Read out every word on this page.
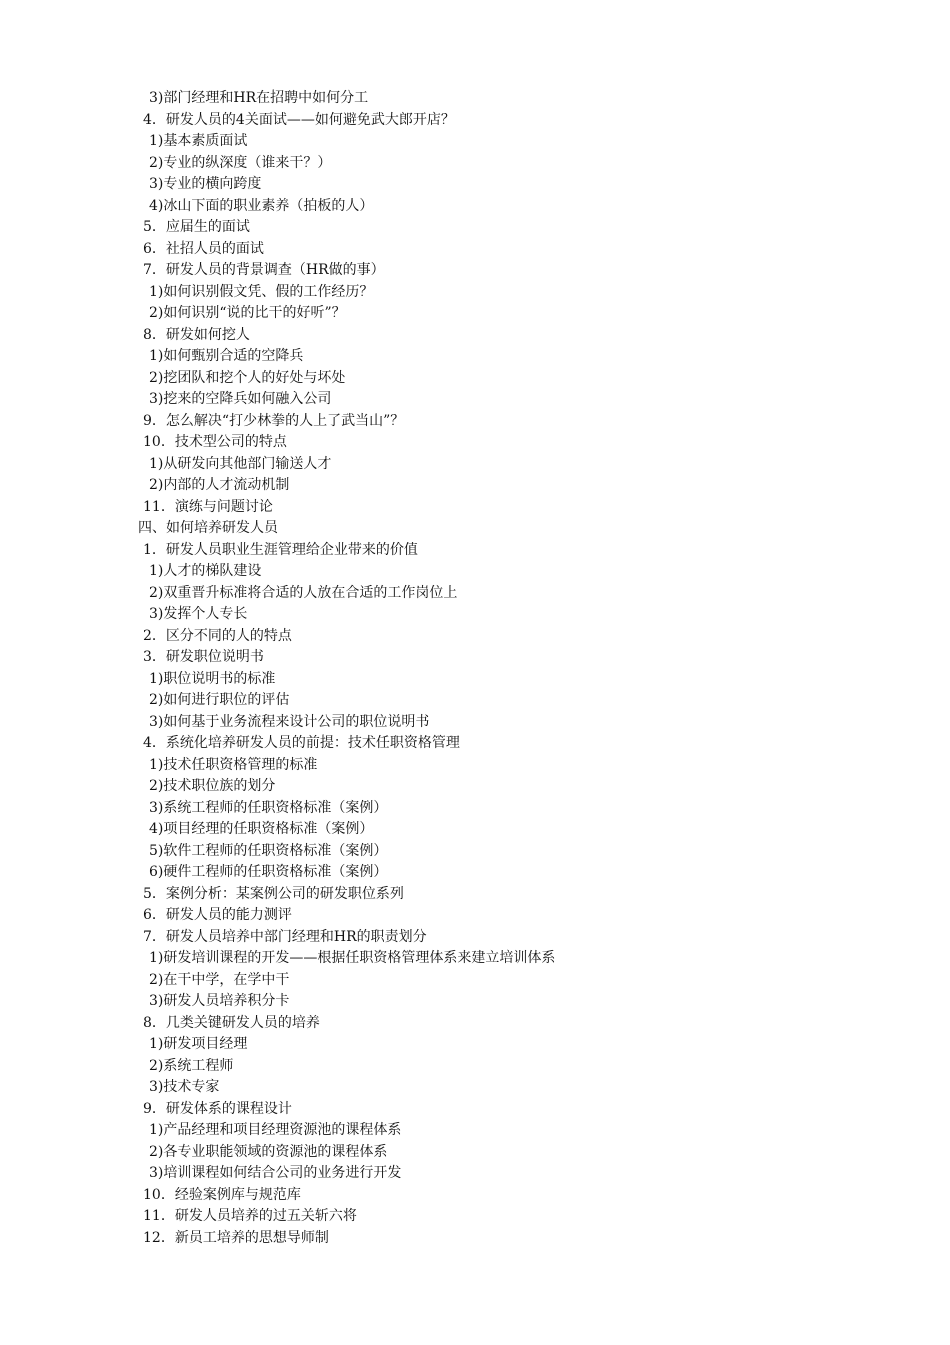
3)部门经理和HR在招聘中如何分工
4．研发人员的4关面试——如何避免武大郎开店？
1)基本素质面试
2)专业的纵深度（谁来干？）
3)专业的横向跨度
4)冰山下面的职业素养（拍板的人）
5．应届生的面试
6．社招人员的面试
7．研发人员的背景调查（HR做的事）
1)如何识别假文凭、假的工作经历？
2)如何识别“说的比干的好听”？
8．研发如何挖人
1)如何甄别合适的空降兵
2)挖团队和挖个人的好处与坏处
3)挖来的空降兵如何融入公司
9．怎么解决“打少林拳的人上了武当山”？
10．技术型公司的特点
1)从研发向其他部门输送人才
2)内部的人才流动机制
11．演练与问题讨论
四、如何培养研发人员
1．研发人员职业生涯管理给企业带来的价值
1)人才的梯队建设
2)双重晋升标准将合适的人放在合适的工作岗位上
3)发挥个人专长
2．区分不同的人的特点
3．研发职位说明书
1)职位说明书的标准
2)如何进行职位的评估
3)如何基于业务流程来设计公司的职位说明书
4．系统化培养研发人员的前提：技术任职资格管理
1)技术任职资格管理的标准
2)技术职位族的划分
3)系统工程师的任职资格标准（案例）
4)项目经理的任职资格标准（案例）
5)软件工程师的任职资格标准（案例）
6)硬件工程师的任职资格标准（案例）
5．案例分析：某案例公司的研发职位系列
6．研发人员的能力测评
7．研发人员培养中部门经理和HR的职责划分
1)研发培训课程的开发——根据任职资格管理体系来建立培训体系
2)在干中学，在学中干
3)研发人员培养积分卡
8．几类关键研发人员的培养
1)研发项目经理
2)系统工程师
3)技术专家
9．研发体系的课程设计
1)产品经理和项目经理资源池的课程体系
2)各专业职能领域的资源池的课程体系
3)培训课程如何结合公司的业务进行开发
10．经验案例库与规范库
11．研发人员培养的过五关斩六将
12．新员工培养的思想导师制
